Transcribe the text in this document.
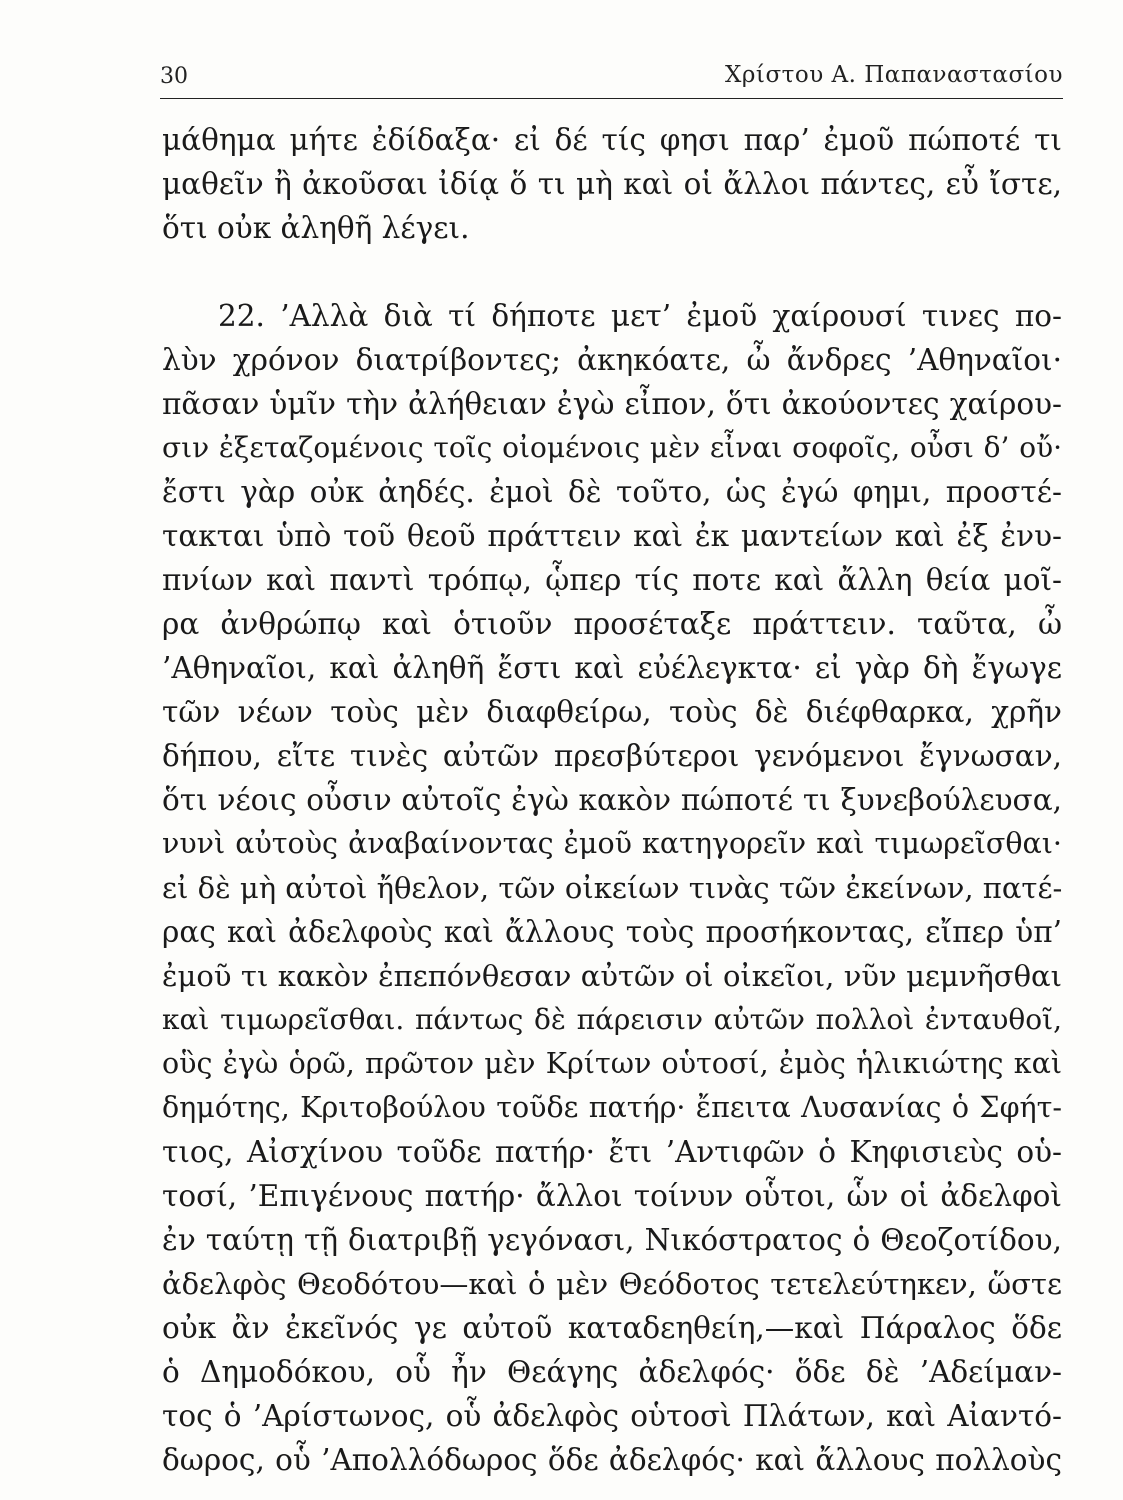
30	Χρίστου Α. Παπαναστασίου
μάθημα μήτε ἐδίδαξα· εἰ δέ τίς φησι παρ’ ἐμοῦ πώποτέ τι
μαθεῖν ἢ ἀκοῦσαι ἰδίᾳ ὅ τι μὴ καὶ οἱ ἄλλοι πάντες, εὖ ἴστε,
ὅτι οὐκ ἀληθῆ λέγει.
22. ’Αλλὰ διὰ τί δήποτε μετ’ ἐμοῦ χαίρουσί τινες πο-
λὺν χρόνον διατρίβοντες; ἀκηκόατε, ὦ ἄνδρες ’Αθηναῖοι·
πᾶσαν ὑμῖν τὴν ἀλήθειαν ἐγὼ εἶπον, ὅτι ἀκούοντες χαίρου-
σιν ἐξεταζομένοις τοῖς οἰομένοις μὲν εἶναι σοφοῖς, οὖσι δ’ οὔ·
ἔστι γὰρ οὐκ ἀηδές. ἐμοὶ δὲ τοῦτο, ὡς ἐγώ φημι, προστέ-
τακται ὑπὸ τοῦ θεοῦ πράττειν καὶ ἐκ μαντείων καὶ ἐξ ἐνυ-
πνίων καὶ παντὶ τρόπῳ, ᾧπερ τίς ποτε καὶ ἄλλη θεία μοῖ-
ρα ἀνθρώπῳ καὶ ὁτιοῦν προσέταξε πράττειν. ταῦτα, ὦ
’Αθηναῖοι, καὶ ἀληθῆ ἔστι καὶ εὐέλεγκτα· εἰ γὰρ δὴ ἔγωγε
τῶν νέων τοὺς μὲν διαφθείρω, τοὺς δὲ διέφθαρκα, χρῆν
δήπου, εἴτε τινὲς αὐτῶν πρεσβύτεροι γενόμενοι ἔγνωσαν,
ὅτι νέοις οὖσιν αὐτοῖς ἐγὼ κακὸν πώποτέ τι ξυνεβούλευσα,
νυνὶ αὐτοὺς ἀναβαίνοντας ἐμοῦ κατηγορεῖν καὶ τιμωρεῖσθαι·
εἰ δὲ μὴ αὐτοὶ ἤθελον, τῶν οἰκείων τινὰς τῶν ἐκείνων, πατέ-
ρας καὶ ἀδελφοὺς καὶ ἄλλους τοὺς προσήκοντας, εἴπερ ὑπ’
ἐμοῦ τι κακὸν ἐπεπόνθεσαν αὐτῶν οἱ οἰκεῖοι, νῦν μεμνῆσθαι
καὶ τιμωρεῖσθαι. πάντως δὲ πάρεισιν αὐτῶν πολλοὶ ἐνταυθοῖ,
οὓς ἐγὼ ὁρῶ, πρῶτον μὲν Κρίτων οὑτοσί, ἐμὸς ἡλικιώτης καὶ
δημότης, Κριτοβούλου τοῦδε πατήρ· ἔπειτα Λυσανίας ὁ Σφήτ-
τιος, Αἰσχίνου τοῦδε πατήρ· ἔτι ’Αντιφῶν ὁ Κηφισιεὺς οὑ-
τοσί, ’Επιγένους πατήρ· ἄλλοι τοίνυν οὗτοι, ὧν οἱ ἀδελφοὶ
ἐν ταύτῃ τῇ διατριβῇ γεγόνασι, Νικόστρατος ὁ Θεοζοτίδου,
ἀδελφὸς Θεοδότου—καὶ ὁ μὲν Θεόδοτος τετελεύτηκεν, ὥστε
οὐκ ἂν ἐκεῖνός γε αὐτοῦ καταδεηθείη,—καὶ Πάραλος ὅδε
ὁ Δημοδόκου, οὗ ἦν Θεάγης ἀδελφός· ὅδε δὲ ’Αδείμαν-
τος ὁ ’Αρίστωνος, οὗ ἀδελφὸς οὑτοσὶ Πλάτων, καὶ Αἰαντό-
δωρος, οὗ ’Απολλόδωρος ὅδε ἀδελφός· καὶ ἄλλους πολλοὺς
